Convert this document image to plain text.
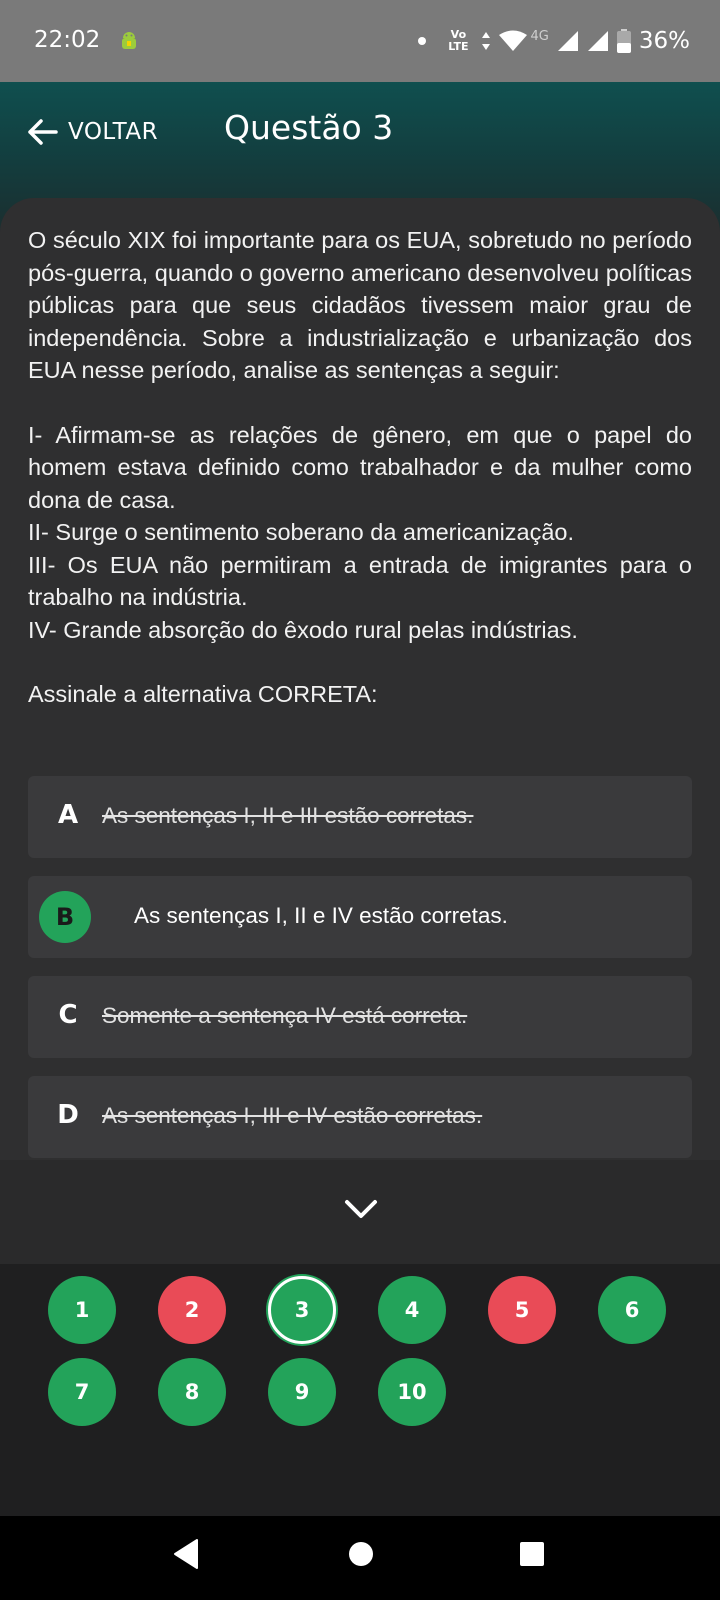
22:02	Vo
LTE
4G	36%
VOLTAR Questão 3

O século XIX foi importante para os EUA, sobretudo no período pós-guerra, quando o governo americano desenvolveu políticas públicas para que seus cidadãos tivessem maior grau de independência. Sobre a industrialização e urbanização dos EUA nesse período, analise as sentenças a seguir:

I- Afirmam-se as relações de gênero, em que o papel do homem estava definido como trabalhador e da mulher como dona de casa.

II- Surge o sentimento soberano da americanização.

III- Os EUA não permitiram a entrada de imigrantes para o trabalho na indústria.

IV- Grande absorção do êxodo rural pelas indústrias.

Assinale a alternativa CORRETA:

A As sentenças I, II e III estão corretas.
B	As sentenças I, II e IV estão corretas.
C Somente a sentença IV está correta.
D As sentenças I, III e IV estão corretas.
1	2	3	4	5	6
7	8	9	10
